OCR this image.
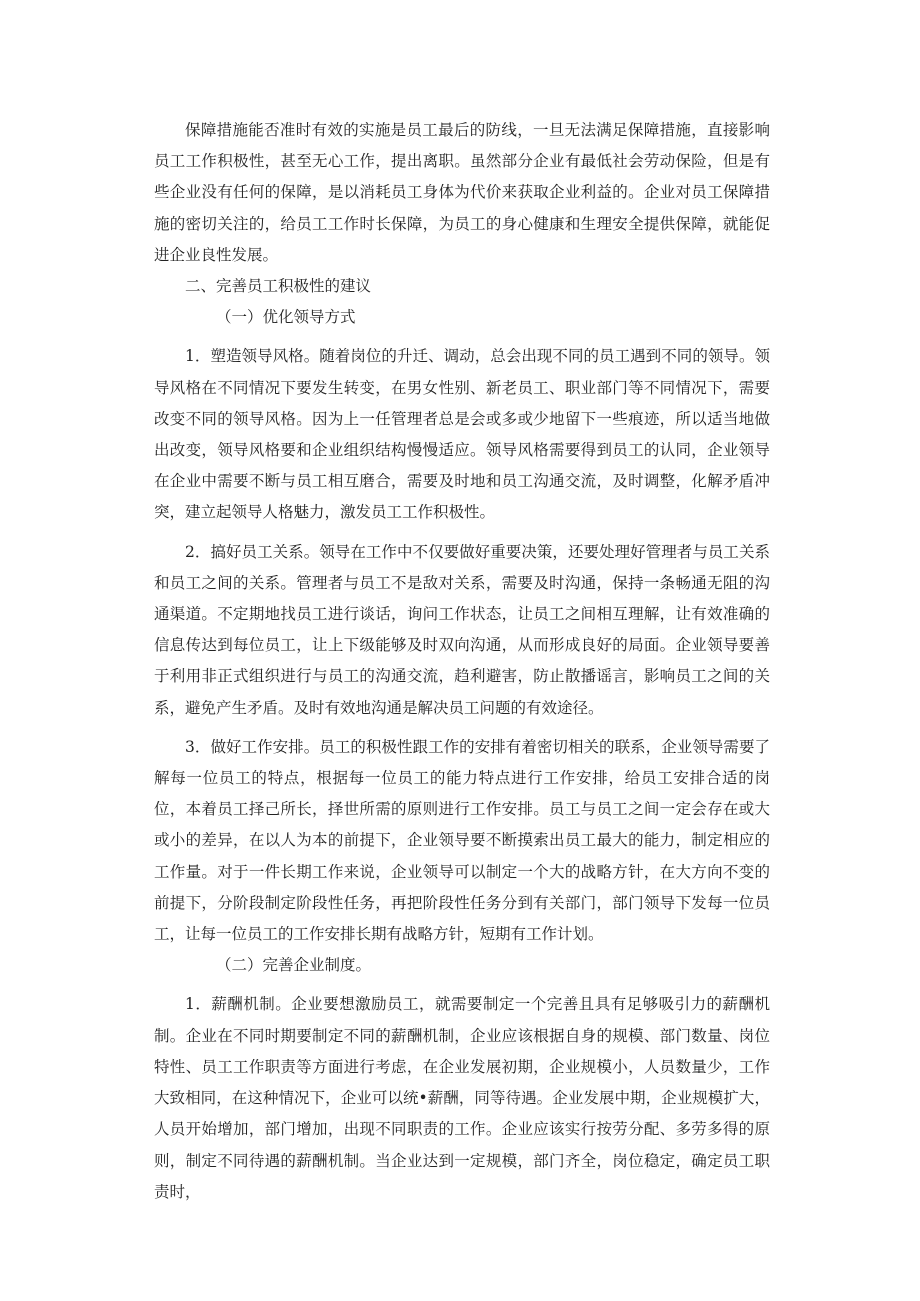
保障措施能否准时有效的实施是员工最后的防线，一旦无法满足保障措施，直接影响员工工作积极性，甚至无心工作，提出离职。虽然部分企业有最低社会劳动保险，但是有些企业没有任何的保障，是以消耗员工身体为代价来获取企业利益的。企业对员工保障措施的密切关注的，给员工工作时长保障，为员工的身心健康和生理安全提供保障，就能促进企业良性发展。

二、完善员工积极性的建议

（一）优化领导方式

1．塑造领导风格。随着岗位的升迁、调动，总会出现不同的员工遇到不同的领导。领导风格在不同情况下要发生转变，在男女性别、新老员工、职业部门等不同情况下，需要改变不同的领导风格。因为上一任管理者总是会或多或少地留下一些痕迹，所以适当地做出改变，领导风格要和企业组织结构慢慢适应。领导风格需要得到员工的认同，企业领导在企业中需要不断与员工相互磨合，需要及时地和员工沟通交流，及时调整，化解矛盾冲突，建立起领导人格魅力，激发员工工作积极性。

2．搞好员工关系。领导在工作中不仅要做好重要决策，还要处理好管理者与员工关系和员工之间的关系。管理者与员工不是敌对关系，需要及时沟通，保持一条畅通无阻的沟通渠道。不定期地找员工进行谈话，询问工作状态，让员工之间相互理解，让有效准确的信息传达到每位员工，让上下级能够及时双向沟通，从而形成良好的局面。企业领导要善于利用非正式组织进行与员工的沟通交流，趋利避害，防止散播谣言，影响员工之间的关系，避免产生矛盾。及时有效地沟通是解决员工问题的有效途径。

3．做好工作安排。员工的积极性跟工作的安排有着密切相关的联系，企业领导需要了解每一位员工的特点，根据每一位员工的能力特点进行工作安排，给员工安排合适的岗位，本着员工择己所长，择世所需的原则进行工作安排。员工与员工之间一定会存在或大或小的差异，在以人为本的前提下，企业领导要不断摸索出员工最大的能力，制定相应的工作量。对于一件长期工作来说，企业领导可以制定一个大的战略方针，在大方向不变的前提下，分阶段制定阶段性任务，再把阶段性任务分到有关部门，部门领导下发每一位员工，让每一位员工的工作安排长期有战略方针，短期有工作计划。

（二）完善企业制度。

1．薪酬机制。企业要想激励员工，就需要制定一个完善且具有足够吸引力的薪酬机制。企业在不同时期要制定不同的薪酬机制，企业应该根据自身的规模、部门数量、岗位特性、员工工作职责等方面进行考虑，在企业发展初期，企业规模小，人员数量少，工作大致相同，在这种情况下，企业可以统•薪酬，同等待遇。企业发展中期，企业规模扩大，人员开始增加，部门增加，出现不同职责的工作。企业应该实行按劳分配、多劳多得的原则，制定不同待遇的薪酬机制。当企业达到一定规模，部门齐全，岗位稳定，确定员工职责时，
